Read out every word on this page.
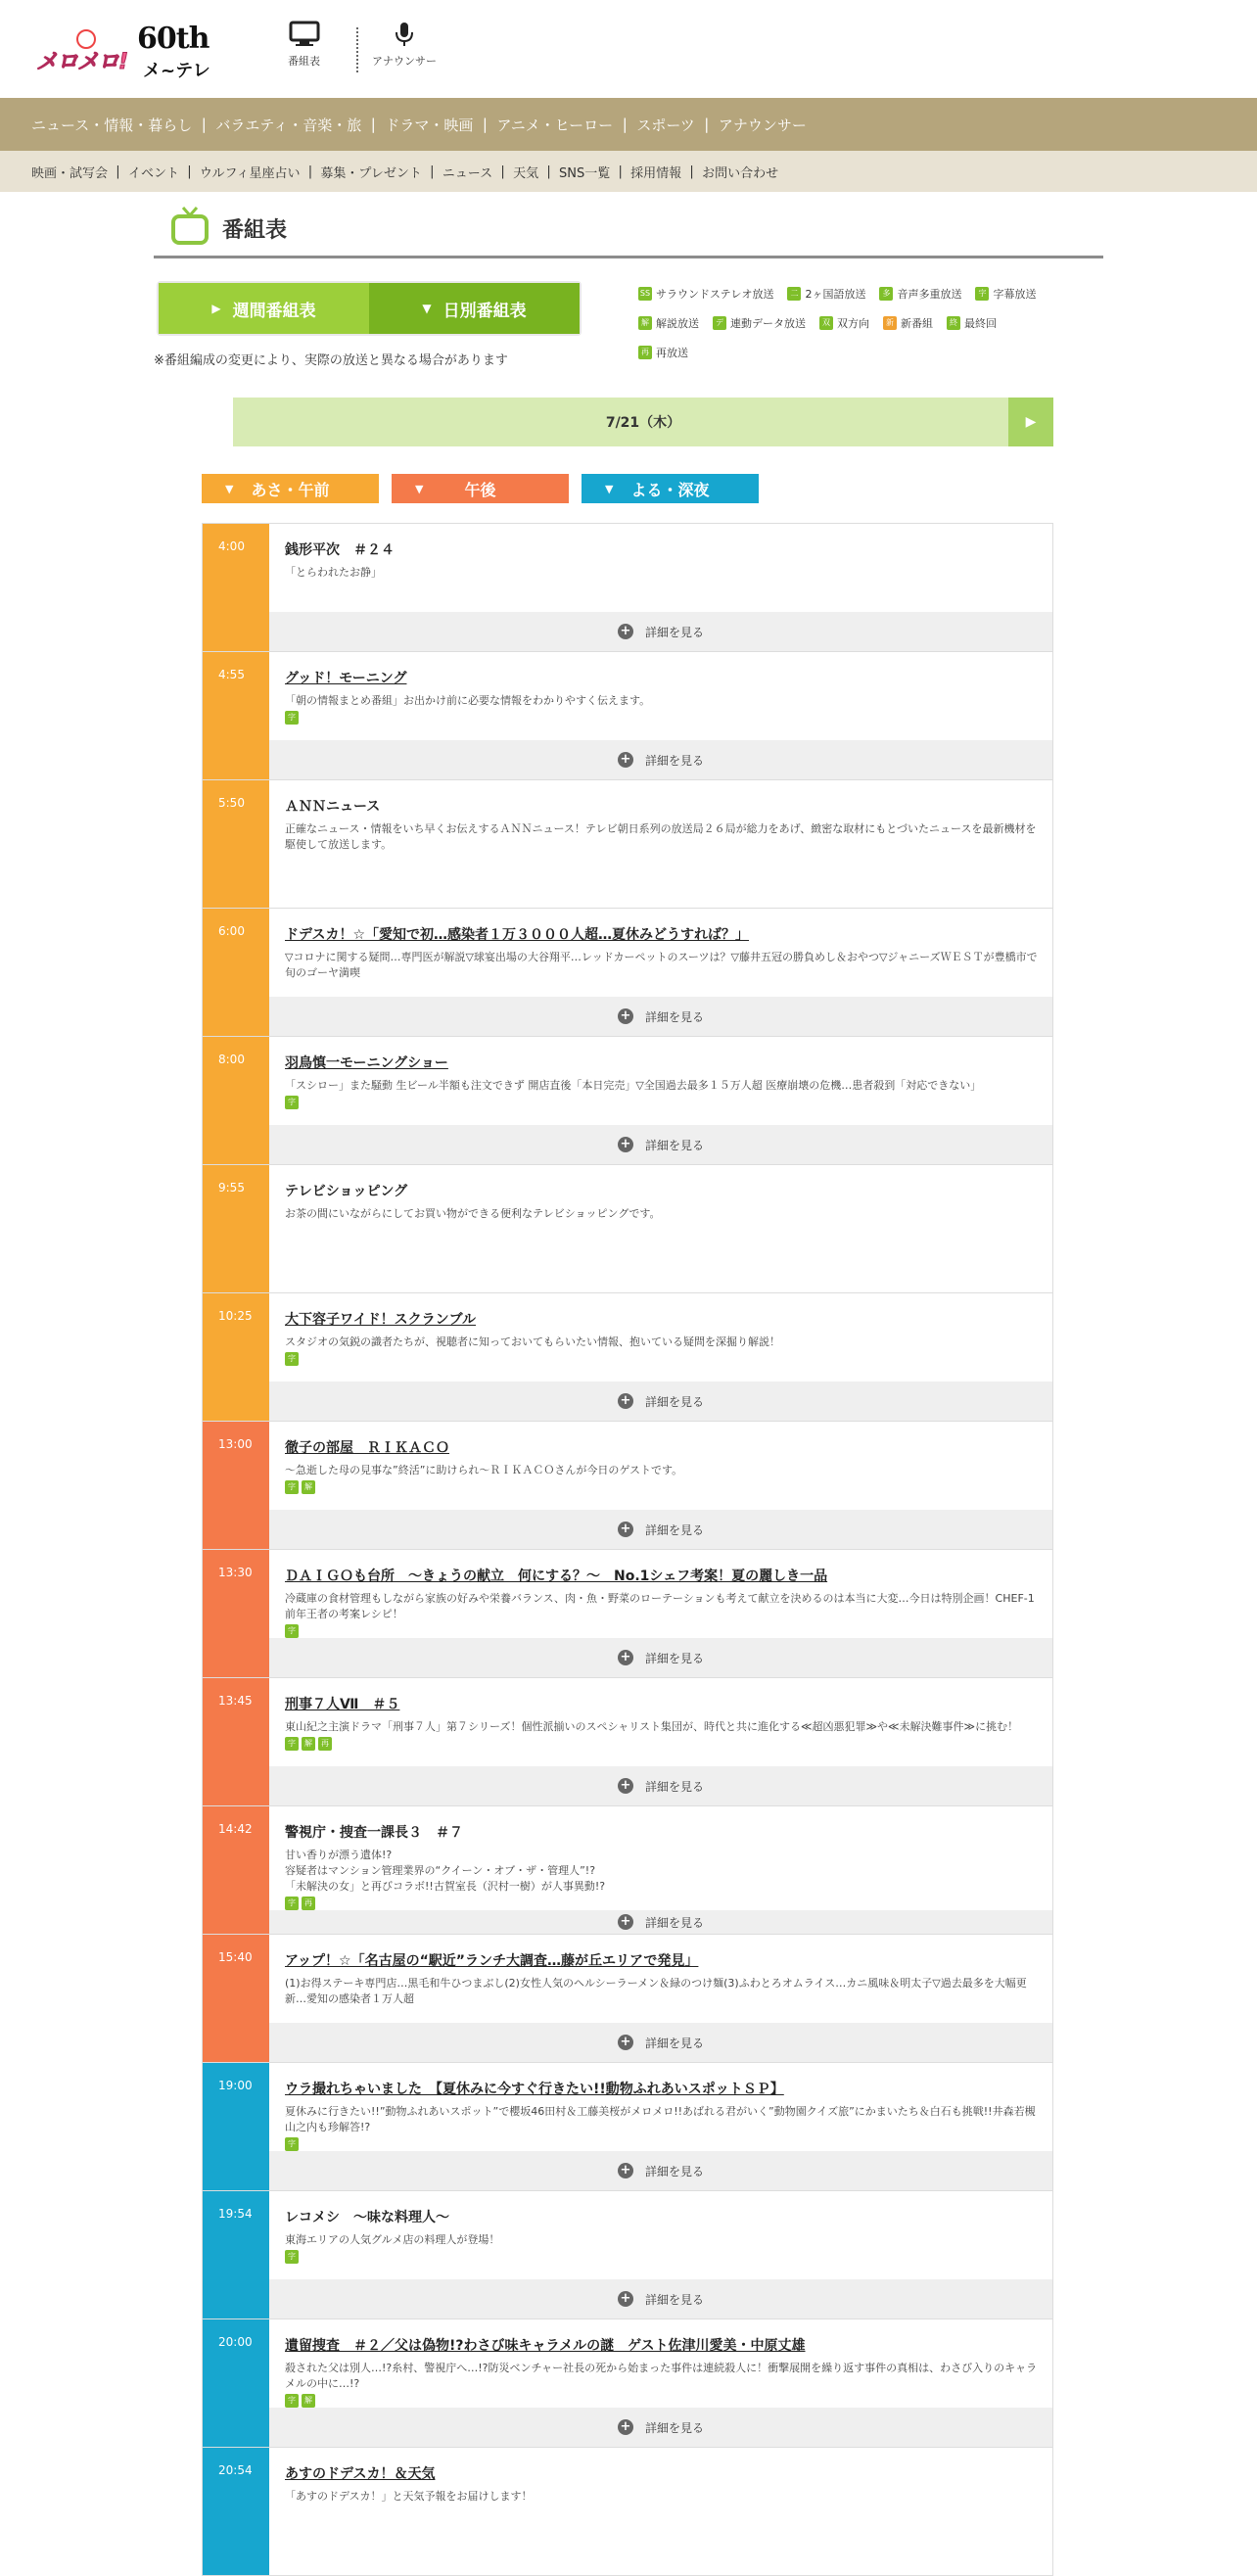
メロメロ!
60th
メ~テレ	番組表	アナウンサー
ニュース・情報・暮らし | バラエティ・音楽・旅 | ドラマ・映画 | アニメ・ヒーロー | スポーツ | アナウンサー
映画・試写会 | イベント | ウルフィ星座占い | 募集・プレゼント | ニュース | 天気 | SNS一覧 | 採用情報 | お問い合わせ
番組表
▶ 週間番組表	▼ 日別番組表
SS サラウンドステレオ放送	二 2ヶ国語放送	多 音声多重放送	字 字幕放送
解 解説放送	デ 連動データ放送	双 双方向	新 新番組	終 最終回
再 再放送
※番組編成の変更により、実際の放送と異なる場合があります
7/21（木）	▶
▼ あさ・午前	▼	午後	▼ よる・深夜
4:00	銭形平次　＃２４
「とらわれたお静」
+ 詳細を見る
4:55	グッド！モーニング
「朝の情報まとめ番組」お出かけ前に必要な情報をわかりやすく伝えます。
字
+ 詳細を見る
5:50	ＡＮＮニュース
正確なニュース・情報をいち早くお伝えするＡＮＮニュース！テレビ朝日系列の放送局２６局が総力をあげ、緻密な取材にもとづいたニュースを最新機材を駆使して放送します。
6:00	ドデスカ！☆「愛知で初…感染者１万３０００人超…夏休みどうすれば？」
▽コロナに関する疑問…専門医が解説▽球宴出場の大谷翔平…レッドカーペットのスーツは？▽藤井五冠の勝負めし＆おやつ▽ジャニーズＷＥＳＴが豊橋市で旬のゴーヤ満喫
+ 詳細を見る
8:00	羽鳥慎一モーニングショー
「スシロー」また騒動 生ビール半額も注文できず 開店直後「本日完売」▽全国過去最多１５万人超 医療崩壊の危機…患者殺到「対応できない」
字
+ 詳細を見る
9:55	テレビショッピング
お茶の間にいながらにしてお買い物ができる便利なテレビショッピングです。
10:25	大下容子ワイド！スクランブル
スタジオの気鋭の識者たちが、視聴者に知っておいてもらいたい情報、抱いている疑問を深掘り解説！
字
+ 詳細を見る
13:00	徹子の部屋　ＲＩＫＡＣＯ
～急逝した母の見事な”終活”に助けられ～ＲＩＫＡＣＯさんが今日のゲストです。
字	解
+ 詳細を見る
13:30	ＤＡＩＧＯも台所　～きょうの献立　何にする？～　No.1シェフ考案！夏の麗しき一品
冷蔵庫の食材管理もしながら家族の好みや栄養バランス、肉・魚・野菜のローテーションも考えて献立を決めるのは本当に大変…今日は特別企画！CHEF-1前年王者の考案レシピ！
字
+ 詳細を見る
13:45	刑事７人Ⅶ　＃５
東山紀之主演ドラマ「刑事７人」第７シリーズ！個性派揃いのスペシャリスト集団が、時代と共に進化する≪超凶悪犯罪≫や≪未解決難事件≫に挑む！
字	解	再
+ 詳細を見る
14:42	警視庁・捜査一課長３　＃７
甘い香りが漂う遺体!?
容疑者はマンション管理業界の“クイーン・オブ・ザ・管理人”!?
「未解決の女」と再びコラボ!!古賀室長（沢村一樹）が人事異動!?
字	再
+ 詳細を見る
15:40	アップ！☆「名古屋の“駅近”ランチ大調査…藤が丘エリアで発見」
(1)お得ステーキ専門店…黒毛和牛ひつまぶし(2)女性人気のヘルシーラーメン＆緑のつけ麺(3)ふわとろオムライス…カニ風味＆明太子▽過去最多を大幅更新…愛知の感染者１万人超
+ 詳細を見る
19:00	ウラ撮れちゃいました　【夏休みに今すぐ行きたい!!動物ふれあいスポットＳＰ】
夏休みに行きたい!!”動物ふれあいスポット”で櫻坂46田村＆工藤美桜がメロメロ!!あばれる君がいく”動物園クイズ旅”にかまいたち＆白石も挑戦!!井森若槻山之内も珍解答!?
字
+ 詳細を見る
19:54	レコメシ　～味な料理人～
東海エリアの人気グルメ店の料理人が登場！
字
+ 詳細を見る
20:00	遺留捜査　＃２／父は偽物!?わさび味キャラメルの謎　ゲスト佐津川愛美・中原丈雄
殺された父は別人…!?糸村、警視庁へ…!?防災ベンチャー社長の死から始まった事件は連続殺人に！衝撃展開を繰り返す事件の真相は、わさび入りのキャラメルの中に…!?
字	解
+ 詳細を見る
20:54	あすのドデスカ！＆天気
「あすのドデスカ！」と天気予報をお届けします！
